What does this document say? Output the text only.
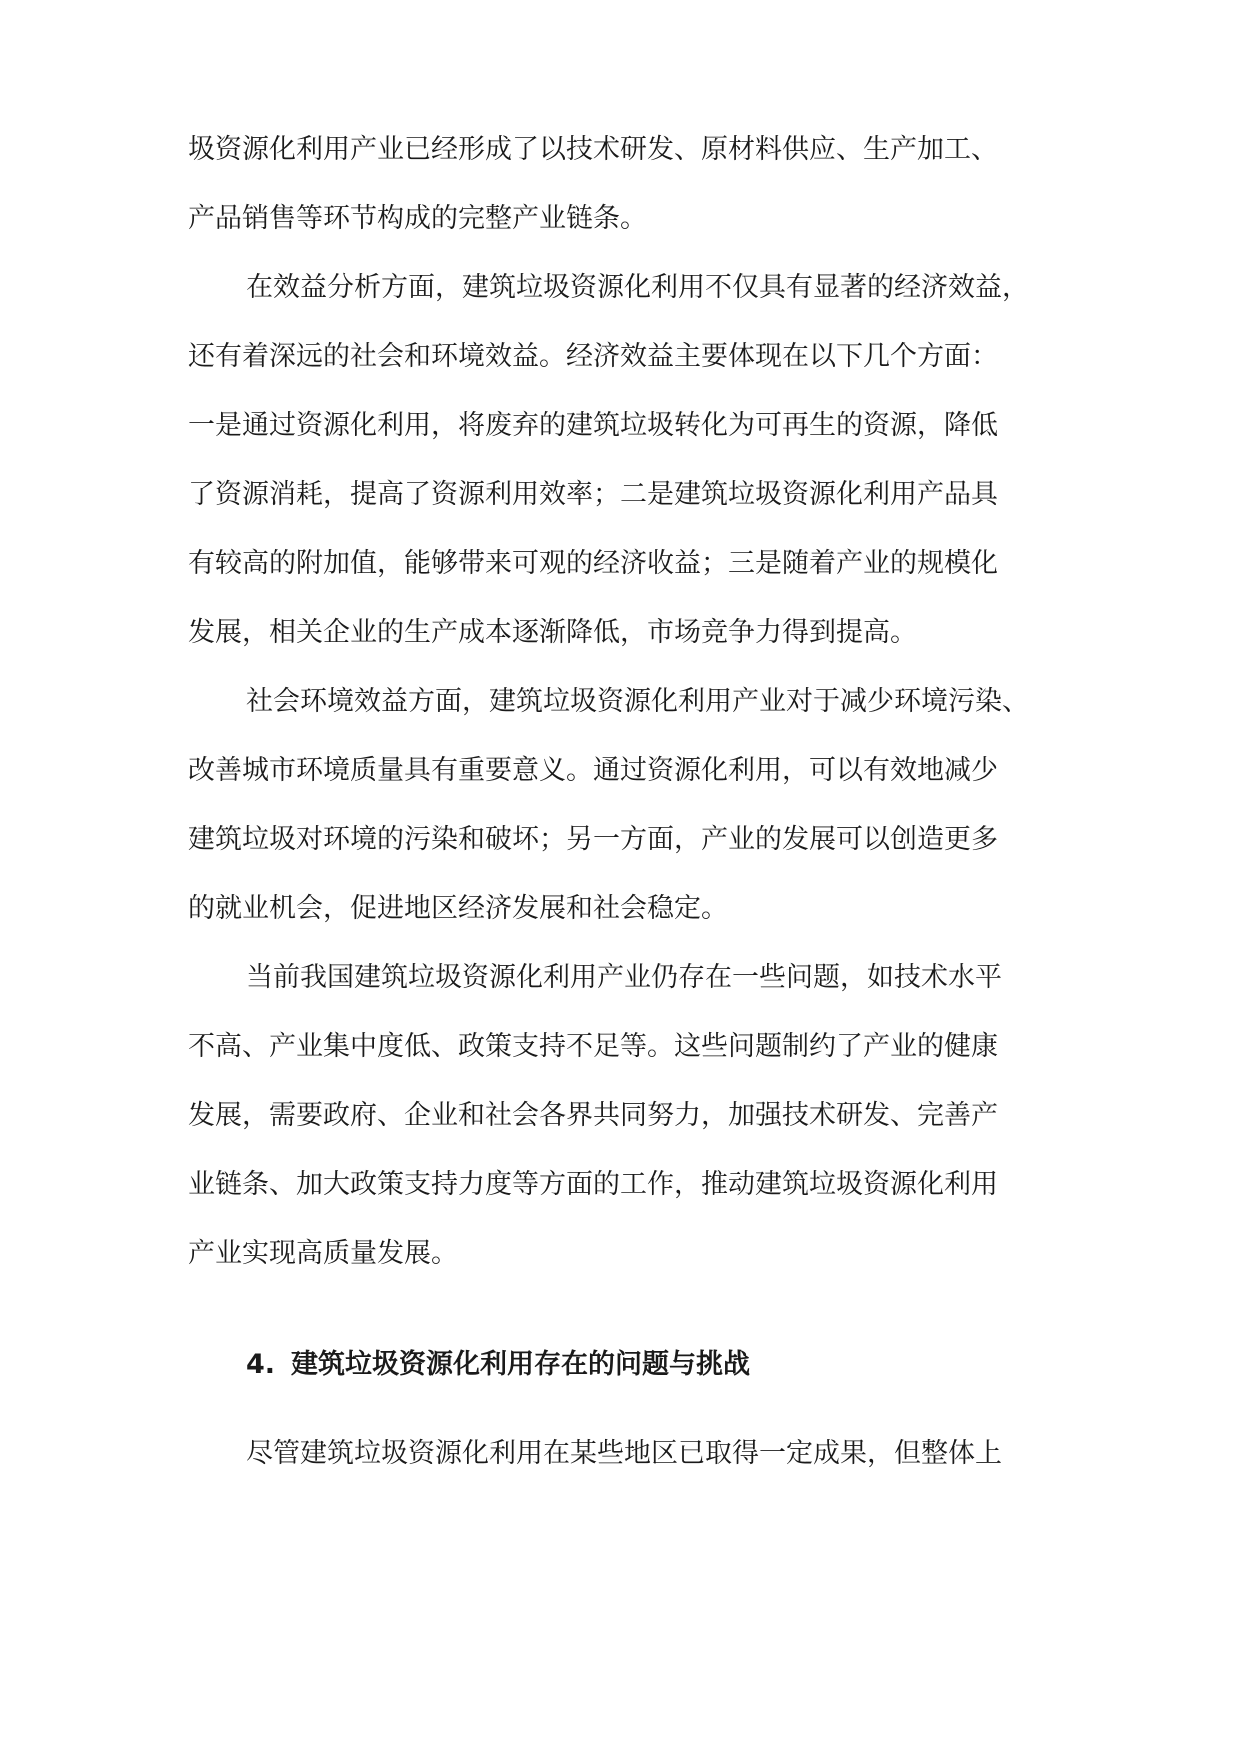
圾资源化利用产业已经形成了以技术研发、原材料供应、生产加工、

产品销售等环节构成的完整产业链条。

在效益分析方面，建筑垃圾资源化利用不仅具有显著的经济效益，

还有着深远的社会和环境效益。经济效益主要体现在以下几个方面：

一是通过资源化利用，将废弃的建筑垃圾转化为可再生的资源，降低

了资源消耗，提高了资源利用效率；二是建筑垃圾资源化利用产品具

有较高的附加值，能够带来可观的经济收益；三是随着产业的规模化

发展，相关企业的生产成本逐渐降低，市场竞争力得到提高。

社会环境效益方面，建筑垃圾资源化利用产业对于减少环境污染、

改善城市环境质量具有重要意义。通过资源化利用，可以有效地减少

建筑垃圾对环境的污染和破坏；另一方面，产业的发展可以创造更多

的就业机会，促进地区经济发展和社会稳定。

当前我国建筑垃圾资源化利用产业仍存在一些问题，如技术水平

不高、产业集中度低、政策支持不足等。这些问题制约了产业的健康

发展，需要政府、企业和社会各界共同努力，加强技术研发、完善产

业链条、加大政策支持力度等方面的工作，推动建筑垃圾资源化利用

产业实现高质量发展。

4. 建筑垃圾资源化利用存在的问题与挑战

尽管建筑垃圾资源化利用在某些地区已取得一定成果，但整体上
